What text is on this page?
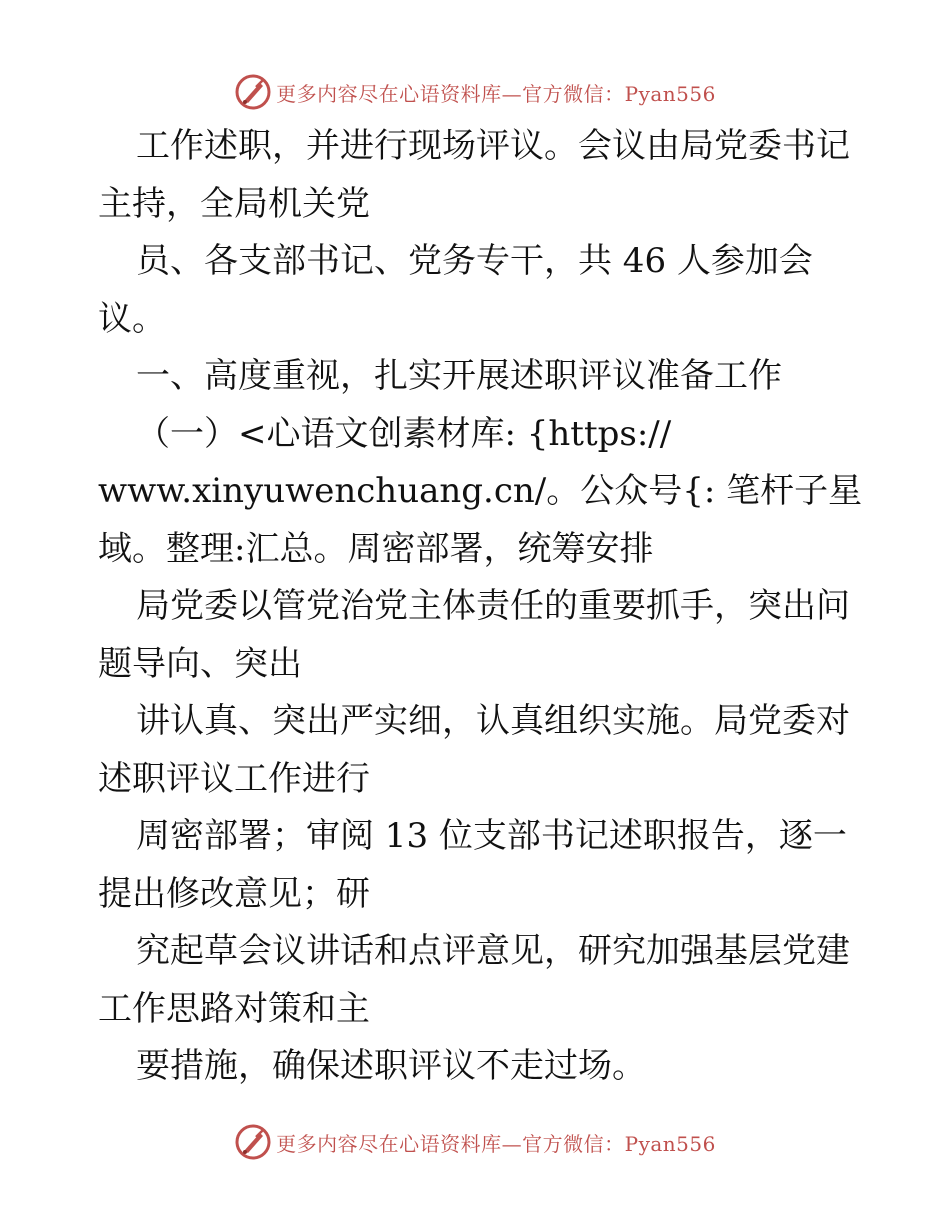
更多内容尽在心语资料库—官方微信：Pyan556
工作述职，并进行现场评议。会议由局党委书记
主持，全局机关党
员、各支部书记、党务专干，共 46 人参加会
议。
一、高度重视，扎实开展述职评议准备工作
（一）<心语文创素材库: {https://
www.xinyuwenchuang.cn/。公众号{: 笔杆子星
域。整理:汇总。周密部署，统筹安排
局党委以管党治党主体责任的重要抓手，突出问
题导向、突出
讲认真、突出严实细，认真组织实施。局党委对
述职评议工作进行
周密部署；审阅 13 位支部书记述职报告，逐一
提出修改意见；研
究起草会议讲话和点评意见，研究加强基层党建
工作思路对策和主
要措施，确保述职评议不走过场。
更多内容尽在心语资料库—官方微信：Pyan556
